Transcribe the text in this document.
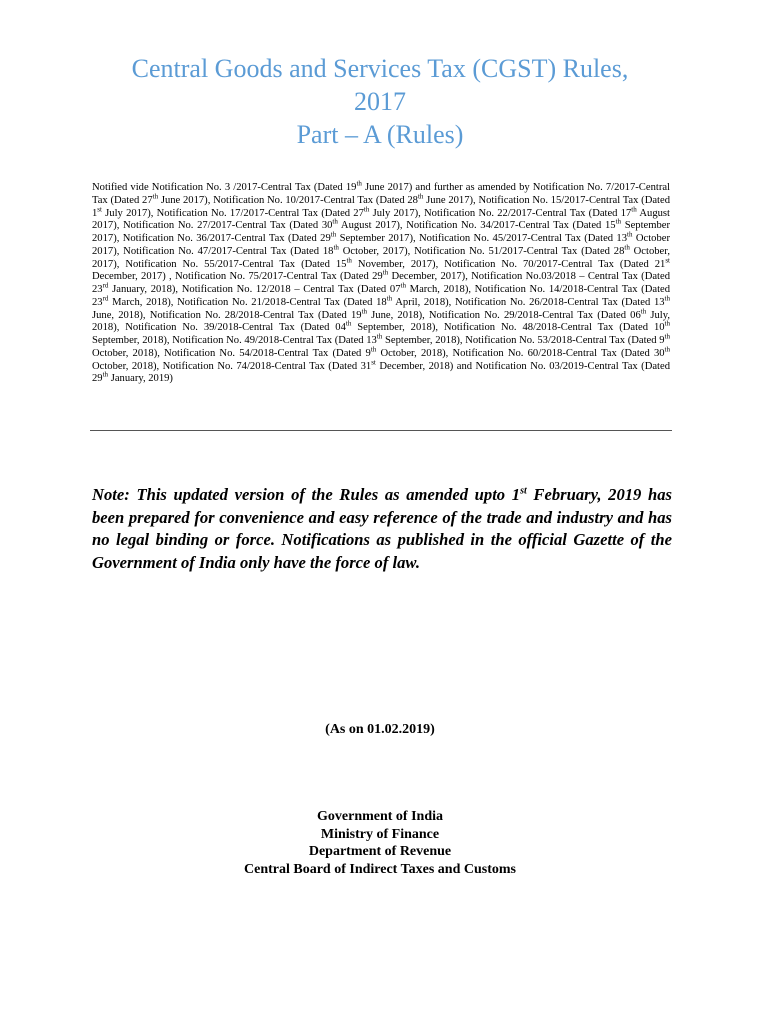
Central Goods and Services Tax (CGST) Rules,
2017
Part – A (Rules)

Notified vide Notification No. 3 /2017-Central Tax (Dated 19th June 2017) and further as amended by Notification No. 7/2017-Central Tax (Dated 27th June 2017), Notification No. 10/2017-Central Tax (Dated 28th June 2017), Notification No. 15/2017-Central Tax (Dated 1st July 2017), Notification No. 17/2017-Central Tax (Dated 27th July 2017), Notification No. 22/2017-Central Tax (Dated 17th August 2017), Notification No. 27/2017-Central Tax (Dated 30th August 2017), Notification No. 34/2017-Central Tax (Dated 15th September 2017), Notification No. 36/2017-Central Tax (Dated 29th September 2017), Notification No. 45/2017-Central Tax (Dated 13th October 2017), Notification No. 47/2017-Central Tax (Dated 18th October, 2017), Notification No. 51/2017-Central Tax (Dated 28th October, 2017), Notification No. 55/2017-Central Tax (Dated 15th November, 2017), Notification No. 70/2017-Central Tax (Dated 21st December, 2017) , Notification No. 75/2017-Central Tax (Dated 29th December, 2017), Notification No.03/2018 – Central Tax (Dated 23rd January, 2018), Notification No. 12/2018 – Central Tax (Dated 07th March, 2018), Notification No. 14/2018-Central Tax (Dated 23rd March, 2018), Notification No. 21/2018-Central Tax (Dated 18th April, 2018), Notification No. 26/2018-Central Tax (Dated 13th June, 2018), Notification No. 28/2018-Central Tax (Dated 19th June, 2018), Notification No. 29/2018-Central Tax (Dated 06th July, 2018), Notification No. 39/2018-Central Tax (Dated 04th September, 2018), Notification No. 48/2018-Central Tax (Dated 10th September, 2018), Notification No. 49/2018-Central Tax (Dated 13th September, 2018), Notification No. 53/2018-Central Tax (Dated 9th October, 2018), Notification No. 54/2018-Central Tax (Dated 9th October, 2018), Notification No. 60/2018-Central Tax (Dated 30th October, 2018), Notification No. 74/2018-Central Tax (Dated 31st December, 2018) and Notification No. 03/2019-Central Tax (Dated 29th January, 2019)

Note: This updated version of the Rules as amended upto 1st February, 2019 has been prepared for convenience and easy reference of the trade and industry and has no legal binding or force. Notifications as published in the official Gazette of the Government of India only have the force of law.

(As on 01.02.2019)

Government of India
Ministry of Finance
Department of Revenue
Central Board of Indirect Taxes and Customs
